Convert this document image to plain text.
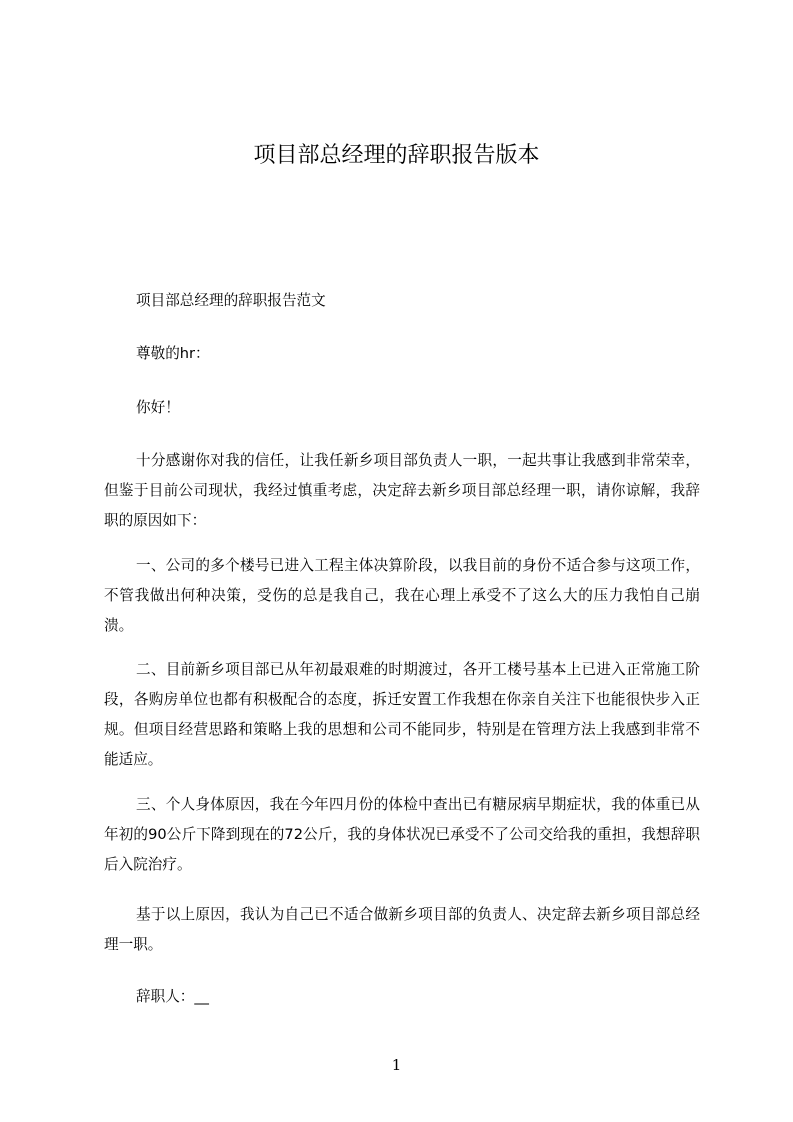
项目部总经理的辞职报告版本

项目部总经理的辞职报告范文

尊敬的hr：

你好！

十分感谢你对我的信任，让我任新乡项目部负责人一职，一起共事让我感到非常荣幸，但鉴于目前公司现状，我经过慎重考虑，决定辞去新乡项目部总经理一职，请你谅解，我辞职的原因如下：

一、公司的多个楼号已进入工程主体决算阶段，以我目前的身份不适合参与这项工作，不管我做出何种决策，受伤的总是我自己，我在心理上承受不了这么大的压力我怕自己崩溃。

二、目前新乡项目部已从年初最艰难的时期渡过，各开工楼号基本上已进入正常施工阶段，各购房单位也都有积极配合的态度，拆迁安置工作我想在你亲自关注下也能很快步入正规。但项目经营思路和策略上我的思想和公司不能同步，特别是在管理方法上我感到非常不能适应。

三、个人身体原因，我在今年四月份的体检中查出已有糖尿病早期症状，我的体重已从年初的90公斤下降到现在的72公斤，我的身体状况已承受不了公司交给我的重担，我想辞职后入院治疗。

基于以上原因，我认为自己已不适合做新乡项目部的负责人、决定辞去新乡项目部总经理一职。

辞职人：__

1
